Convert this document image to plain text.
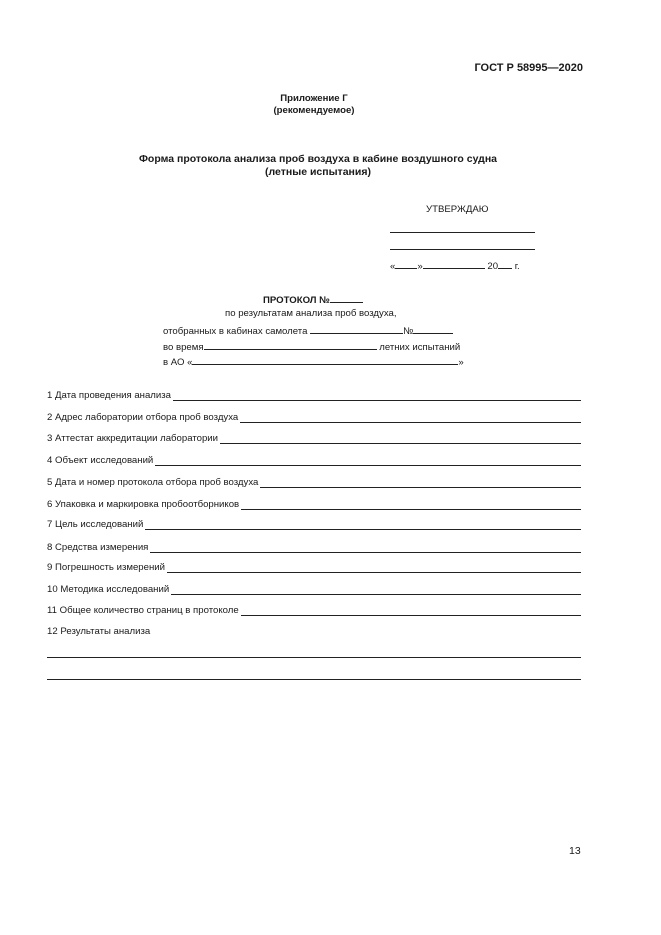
ГОСТ Р 58995—2020
Приложение Г
(рекомендуемое)
Форма протокола анализа проб воздуха в кабине воздушного судна
(летные испытания)
УТВЕРЖДАЮ
« »	20 г.
ПРОТОКОЛ №
по результатам анализа проб воздуха,
отобранных в кабинах самолета	№
во время	летних испытаний
в АО «	»
1 Дата проведения анализа
2 Адрес лаборатории отбора проб воздуха
3 Аттестат аккредитации лаборатории
4 Объект исследований
5 Дата и номер протокола отбора проб воздуха
6 Упаковка и маркировка пробоотборников
7 Цель исследований
8 Средства измерения
9 Погрешность измерений
10 Методика исследований
11 Общее количество страниц в протоколе
12 Результаты анализа
13
